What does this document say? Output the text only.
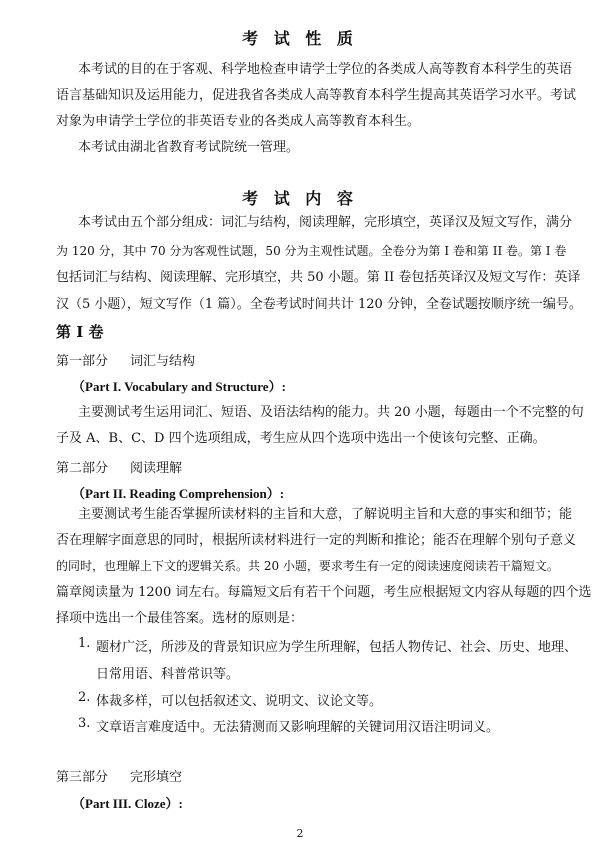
考 试 性 质

本考试的目的在于客观、科学地检查申请学士学位的各类成人高等教育本科学生的英语

语言基础知识及运用能力，促进我省各类成人高等教育本科学生提高其英语学习水平。考试

对象为申请学士学位的非英语专业的各类成人高等教育本科生。

本考试由湖北省教育考试院统一管理。

考 试 内 容

本考试由五个部分组成：词汇与结构，阅读理解，完形填空，英译汉及短文写作，满分

为 120 分，其中 70 分为客观性试题，50 分为主观性试题。全卷分为第 I 卷和第 II 卷。第 I 卷

包括词汇与结构、阅读理解、完形填空，共 50 小题。第 II 卷包括英译汉及短文写作：英译

汉（5 小题），短文写作（1 篇）。全卷考试时间共计 120 分钟，全卷试题按顺序统一编号。

第 I 卷
第一部分 词汇与结构
（Part I. Vocabulary and Structure）:

主要测试考生运用词汇、短语、及语法结构的能力。共 20 小题，每题由一个不完整的句

子及 A、B、C、D 四个选项组成，考生应从四个选项中选出一个使该句完整、正确。

第二部分 阅读理解
（Part II. Reading Comprehension）:

主要测试考生能否掌握所读材料的主旨和大意，了解说明主旨和大意的事实和细节；能

否在理解字面意思的同时，根据所读材料进行一定的判断和推论；能否在理解个别句子意义

的同时，也理解上下文的逻辑关系。共 20 小题，要求考生有一定的阅读速度阅读若干篇短文。

篇章阅读量为 1200 词左右。每篇短文后有若干个问题，考生应根据短文内容从每题的四个选

择项中选出一个最佳答案。选材的原则是：

1. 题材广泛，所涉及的背景知识应为学生所理解，包括人物传记、社会、历史、地理、
日常用语、科普常识等。
2. 体裁多样，可以包括叙述文、说明文、议论文等。
3. 文章语言难度适中。无法猜测而又影响理解的关键词用汉语注明词义。
第三部分 完形填空
（Part III. Cloze）:
2
